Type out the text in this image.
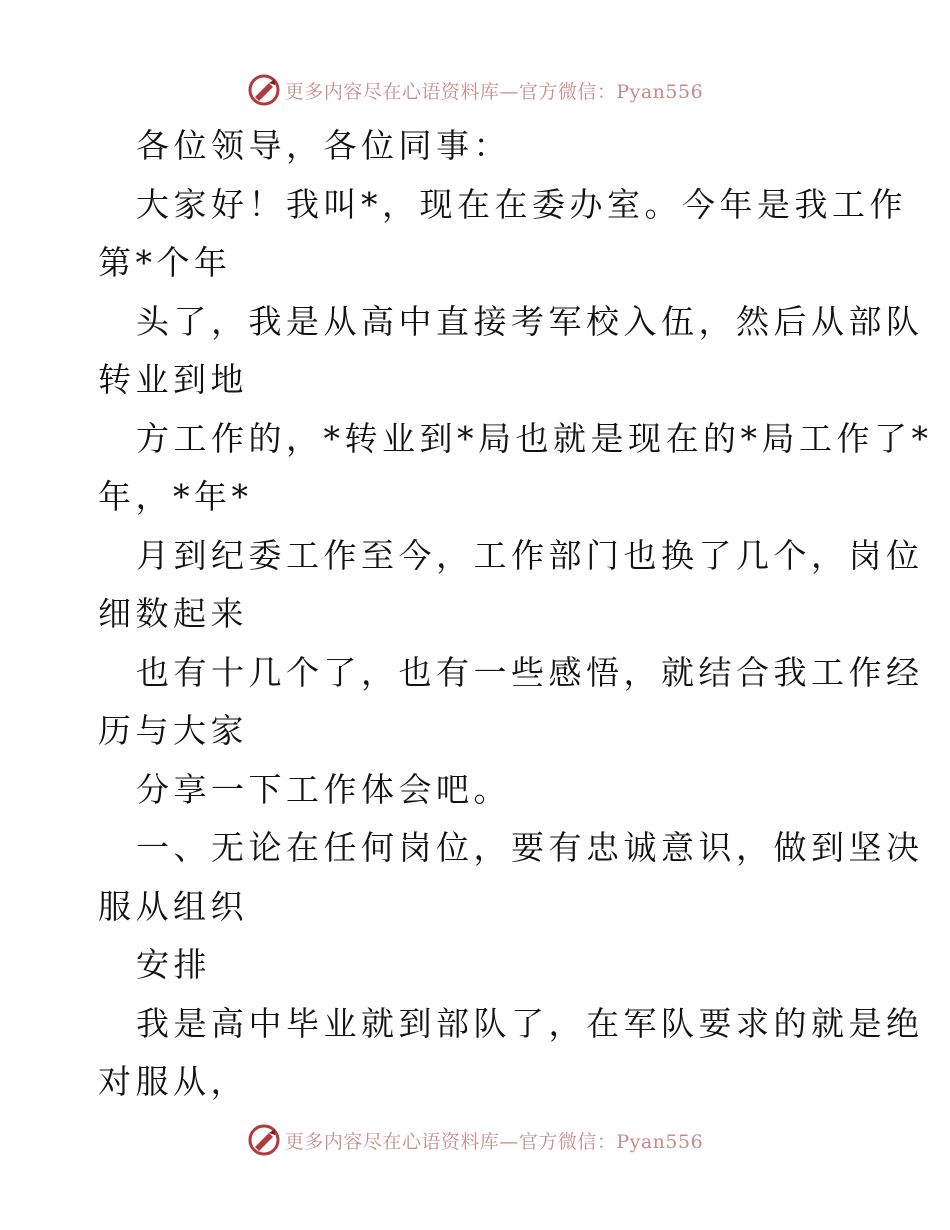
更多内容尽在心语资料库—官方微信：Pyan556
各位领导，各位同事：
大家好！我叫*，现在在委办室。今年是我工作
第*个年
头了，我是从高中直接考军校入伍，然后从部队
转业到地
方工作的，*转业到*局也就是现在的*局工作了*
年，*年*
月到纪委工作至今，工作部门也换了几个，岗位
细数起来
也有十几个了，也有一些感悟，就结合我工作经
历与大家
分享一下工作体会吧。
一、无论在任何岗位，要有忠诚意识，做到坚决
服从组织
安排
我是高中毕业就到部队了，在军队要求的就是绝
对服从，
更多内容尽在心语资料库—官方微信：Pyan556
